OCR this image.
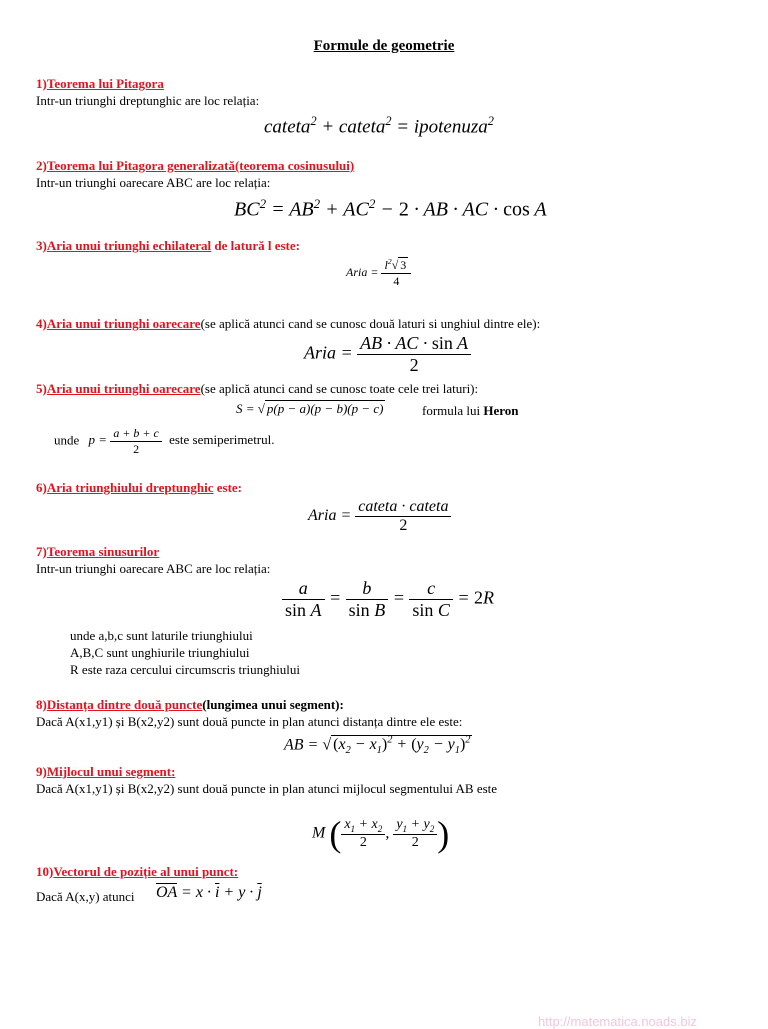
Formule de geometrie
1)Teorema lui Pitagora
Intr-un triunghi dreptunghic are loc relația:
cateta$^2$ + cateta$^2$ = ipotenuza$^2$
2)Teorema lui Pitagora generalizată(teorema cosinusului)
Intr-un triunghi oarecare ABC are loc relația:
$BC^2 = AB^2 + AC^2 - 2$ · AB · AC · cos A
3)Aria unui triunghi echilateral de latură l este:
Aria = $\frac{l^2√ 3}{4}$
4)Aria unui triunghi oarecare(se aplică atunci cand se cunosc două laturi si unghiul dintre ele):
Aria = $\frac{\text{AB · AC · sin A}}{2}$
5)Aria unui triunghi oarecare(se aplică atunci cand se cunosc toate cele trei laturi):
S = √ p(p − a)(p − b)(p − c)	formula lui Heron
unde $p = \frac{a + b + c}{2}$ este semiperimetrul.
6)Aria triunghiului dreptunghic este:
Aria = $\frac{\text{cateta · cateta}}{2}$
7)Teorema sinusurilor
Intr-un triunghi oarecare ABC are loc relația:
$\frac{a}{\text{sin A}} = \frac{b}{\text{sin B}} = \frac{c}{\text{sin C}} = 2R$
unde a,b,c sunt laturile triunghiului
A,B,C sunt unghiurile triunghiului
R este raza cercului circumscris triunghiului
8)Distanța dintre două puncte(lungimea unui segment):
Dacă A(x1,y1) și B(x2,y2) sunt două puncte in plan atunci distanța dintre ele este:
AB = √ $(x_2 - x_1)^2 + (y_2 - y_1)^2$
9)Mijlocul unui segment:
Dacă A(x1,y1) și B(x2,y2) sunt două puncte in plan atunci mijlocul segmentului AB este
M ( $\frac{x_1 + x_2}{2}$ , $\frac{y_1 + y_2}{2}$ )
10)Vectorul de poziție al unui punct:
Dacă A(x,y) atunci $\overline{OA} = x \cdot \overline{i} + y \cdot \overline{j}$
http://matematica.noads.biz
